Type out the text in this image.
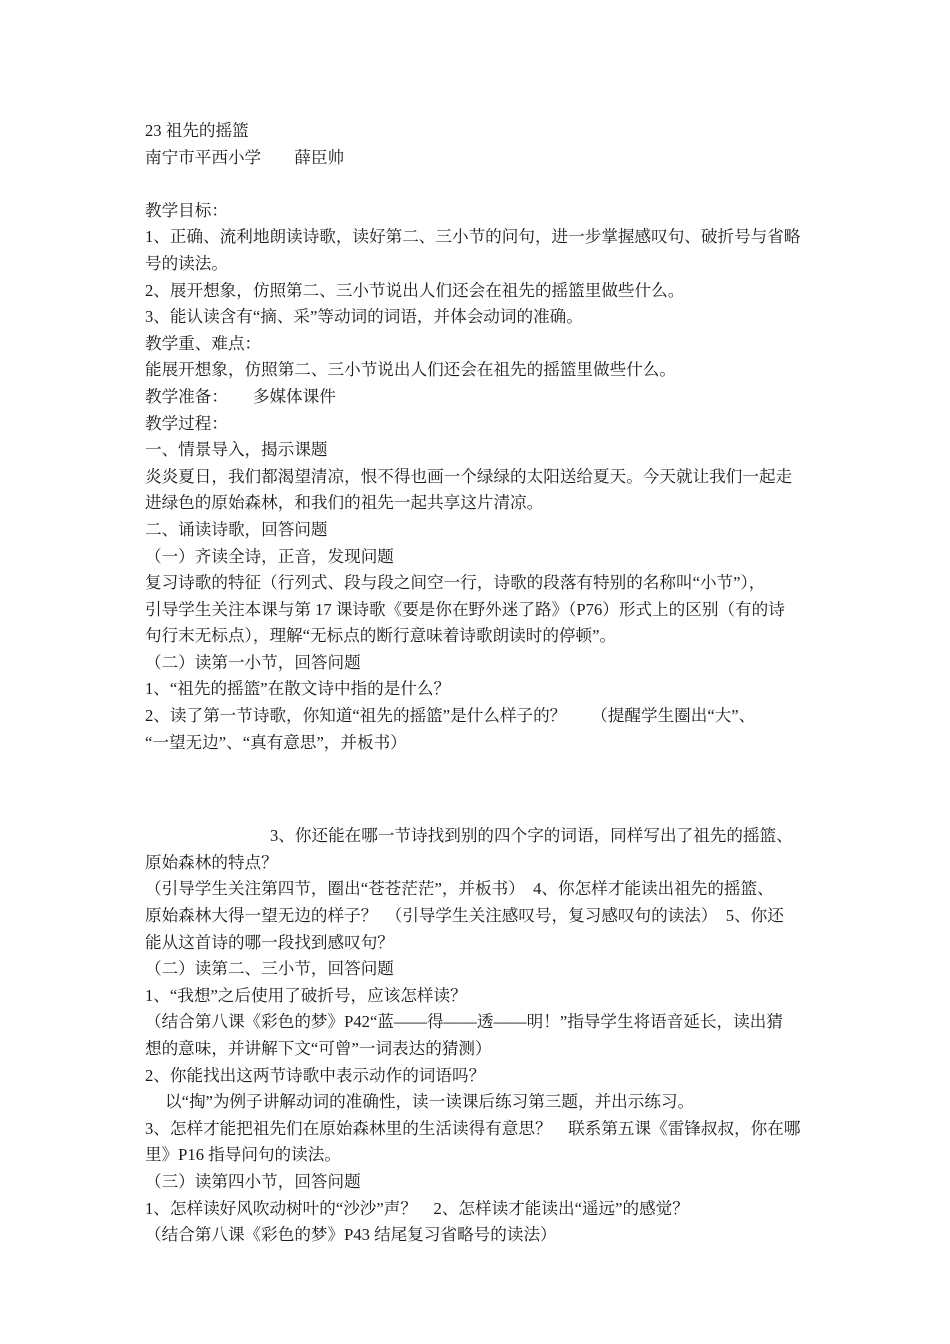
23 祖先的摇篮
南宁市平西小学　　薛臣帅
教学目标：
1、正确、流利地朗读诗歌，读好第二、三小节的问句，进一步掌握感叹句、破折号与省略
号的读法。
2、展开想象，仿照第二、三小节说出人们还会在祖先的摇篮里做些什么。
3、能认读含有“摘、采”等动词的词语，并体会动词的准确。
教学重、难点：
能展开想象，仿照第二、三小节说出人们还会在祖先的摇篮里做些什么。
教学准备：　　多媒体课件
教学过程：
一、情景导入，揭示课题
炎炎夏日，我们都渴望清凉，恨不得也画一个绿绿的太阳送给夏天。今天就让我们一起走
进绿色的原始森林，和我们的祖先一起共享这片清凉。
二、诵读诗歌，回答问题
（一）齐读全诗，正音，发现问题
复习诗歌的特征（行列式、段与段之间空一行，诗歌的段落有特别的名称叫“小节”），
引导学生关注本课与第 17 课诗歌《要是你在野外迷了路》（P76）形式上的区别（有的诗
句行末无标点），理解“无标点的断行意味着诗歌朗读时的停顿”。
（二）读第一小节，回答问题
1、“祖先的摇篮”在散文诗中指的是什么？
2、读了第一节诗歌，你知道“祖先的摇篮”是什么样子的？　　（提醒学生圈出“大”、
“一望无边”、“真有意思”，并板书）
3、你还能在哪一节诗找到别的四个字的词语，同样写出了祖先的摇篮、
原始森林的特点？
（引导学生关注第四节，圈出“苍苍茫茫”，并板书）　4、你怎样才能读出祖先的摇篮、
原始森林大得一望无边的样子？　（引导学生关注感叹号，复习感叹句的读法）　5、你还
能从这首诗的哪一段找到感叹句？
（二）读第二、三小节，回答问题
1、“我想”之后使用了破折号，应该怎样读？
（结合第八课《彩色的梦》P42“蓝——得——透——明！”指导学生将语音延长，读出猜
想的意味，并讲解下文“可曾”一词表达的猜测）
2、你能找出这两节诗歌中表示动作的词语吗？
以“掏”为例子讲解动词的准确性，读一读课后练习第三题，并出示练习。
3、怎样才能把祖先们在原始森林里的生活读得有意思？　联系第五课《雷锋叔叔，你在哪
里》P16 指导问句的读法。
（三）读第四小节，回答问题
1、怎样读好风吹动树叶的“沙沙”声？　2、怎样读才能读出“遥远”的感觉？
（结合第八课《彩色的梦》P43 结尾复习省略号的读法）
